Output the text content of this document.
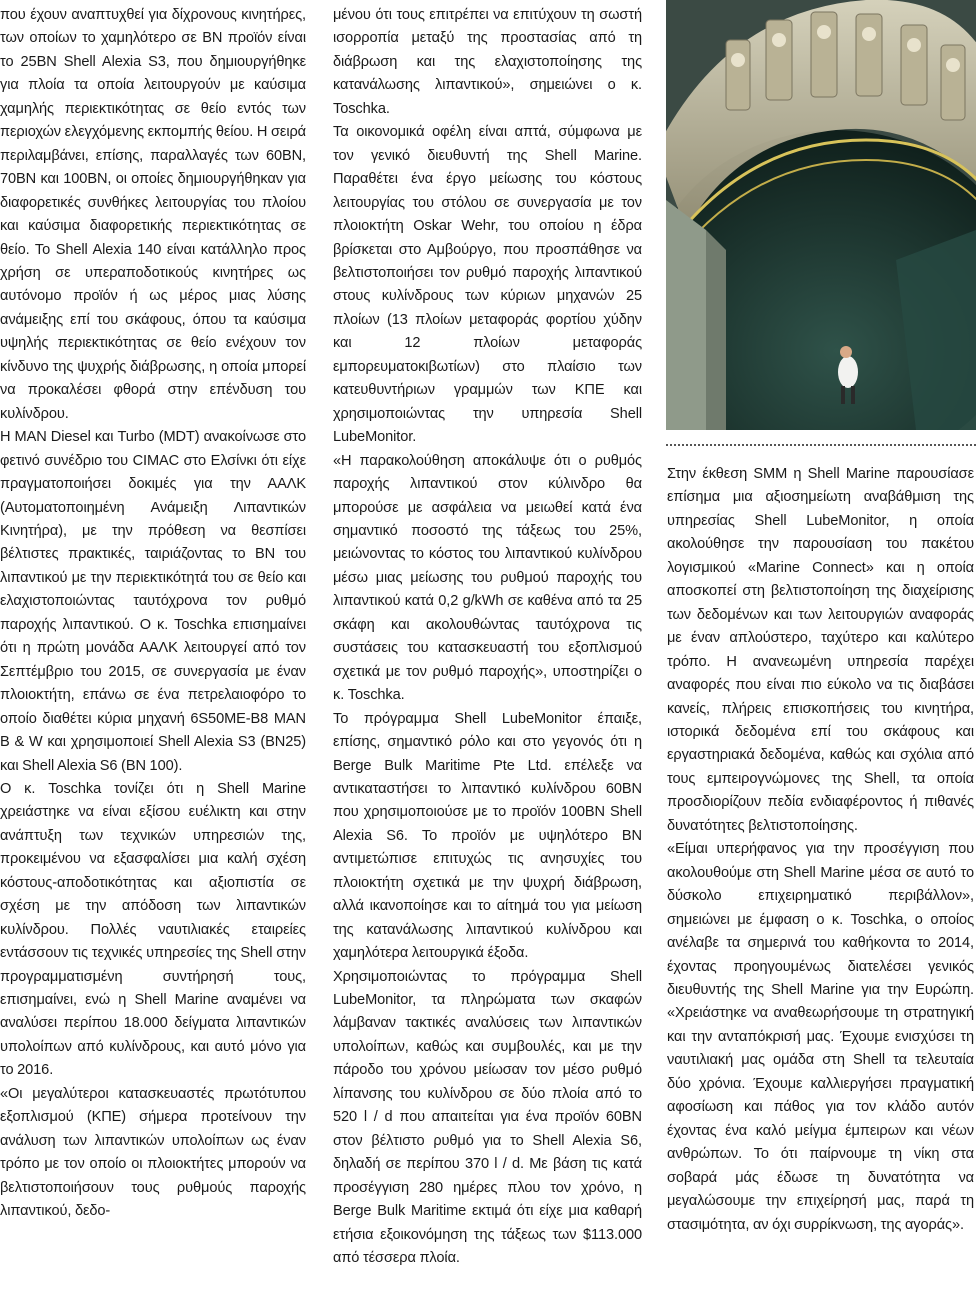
που έχουν αναπτυχθεί για δίχρονους κινητήρες, των οποίων το χαμηλότερο σε BN προϊόν είναι το 25BN Shell Alexia S3, που δημιουργήθηκε για πλοία τα οποία λειτουργούν με καύσιμα χαμηλής περιεκτικότητας σε θείο εντός των περιοχών ελεγχόμενης εκπομπής θείου. Η σειρά περιλαμβάνει, επίσης, παραλλαγές των 60BN, 70BN και 100BN, οι οποίες δημιουργήθηκαν για διαφορετικές συνθήκες λειτουργίας του πλοίου και καύσιμα διαφορετικής περιεκτικότητας σε θείο. Το Shell Alexia 140 είναι κατάλληλο προς χρήση σε υπεραποδοτικούς κινητήρες ως αυτόνομο προϊόν ή ως μέρος μιας λύσης ανάμειξης επί του σκάφους, όπου τα καύσιμα υψηλής περιεκτικότητας σε θείο ενέχουν τον κίνδυνο της ψυχρής διάβρωσης, η οποία μπορεί να προκαλέσει φθορά στην επένδυση του κυλίνδρου.

Η MAN Diesel και Turbo (MDT) ανακοίνωσε στο φετινό συνέδριο του CIMAC στο Ελσίνκι ότι είχε πραγματοποιήσει δοκιμές για την ΑΑΛΚ (Αυτοματοποιημένη Ανάμειξη Λιπαντικών Κινητήρα), με την πρόθεση να θεσπίσει βέλτιστες πρακτικές, ταιριάζοντας το BN του λιπαντικού με την περιεκτικότητά του σε θείο και ελαχιστοποιώντας ταυτόχρονα τον ρυθμό παροχής λιπαντικού. Ο κ. Toschka επισημαίνει ότι η πρώτη μονάδα ΑΑΛΚ λειτουργεί από τον Σεπτέμβριο του 2015, σε συνεργασία με έναν πλοιοκτήτη, επάνω σε ένα πετρελαιοφόρο το οποίο διαθέτει κύρια μηχανή 6S50ME-B8 MAN B & W και χρησιμοποιεί Shell Alexia S3 (BN25) και Shell Alexia S6 (BN 100).

Ο κ. Toschka τονίζει ότι η Shell Marine χρειάστηκε να είναι εξίσου ευέλικτη και στην ανάπτυξη των τεχνικών υπηρεσιών της, προκειμένου να εξασφαλίσει μια καλή σχέση κόστους-αποδοτικότητας και αξιοπιστία σε σχέση με την απόδοση των λιπαντικών κυλίνδρου. Πολλές ναυτιλιακές εταιρείες εντάσσουν τις τεχνικές υπηρεσίες της Shell στην προγραμματισμένη συντήρησή τους, επισημαίνει, ενώ η Shell Marine αναμένει να αναλύσει περίπου 18.000 δείγματα λιπαντικών υπολοίπων από κυλίνδρους, και αυτό μόνο για το 2016.

«Οι μεγαλύτεροι κατασκευαστές πρωτότυπου εξοπλισμού (ΚΠΕ) σήμερα προτείνουν την ανάλυση των λιπαντικών υπολοίπων ως έναν τρόπο με τον οποίο οι πλοιοκτήτες μπορούν να βελτιστοποιήσουν τους ρυθμούς παροχής λιπαντικού, δεδο-

μένου ότι τους επιτρέπει να επιτύχουν τη σωστή ισορροπία μεταξύ της προστασίας από τη διάβρωση και της ελαχιστοποίησης της κατανάλωσης λιπαντικού», σημειώνει ο κ. Toschka.

Τα οικονομικά οφέλη είναι απτά, σύμφωνα με τον γενικό διευθυντή της Shell Marine. Παραθέτει ένα έργο μείωσης του κόστους λειτουργίας του στόλου σε συνεργασία με τον πλοιοκτήτη Oskar Wehr, του οποίου η έδρα βρίσκεται στο Αμβούργο, που προσπάθησε να βελτιστοποιήσει τον ρυθμό παροχής λιπαντικού στους κυλίνδρους των κύριων μηχανών 25 πλοίων (13 πλοίων μεταφοράς φορτίου χύδην και 12 πλοίων μεταφοράς εμπορευματοκιβωτίων) στο πλαίσιο των κατευθυντήριων γραμμών των ΚΠΕ και χρησιμοποιώντας την υπηρεσία Shell LubeMonitor.

«Η παρακολούθηση αποκάλυψε ότι ο ρυθμός παροχής λιπαντικού στον κύλινδρο θα μπορούσε με ασφάλεια να μειωθεί κατά ένα σημαντικό ποσοστό της τάξεως του 25%, μειώνοντας το κόστος του λιπαντικού κυλίνδρου μέσω μιας μείωσης του ρυθμού παροχής του λιπαντικού κατά 0,2 g/kWh σε καθένα από τα 25 σκάφη και ακολουθώντας ταυτόχρονα τις συστάσεις του κατασκευαστή του εξοπλισμού σχετικά με τον ρυθμό παροχής», υποστηρίζει ο κ. Toschka.

Το πρόγραμμα Shell LubeMonitor έπαιξε, επίσης, σημαντικό ρόλο και στο γεγονός ότι η Berge Bulk Maritime Pte Ltd. επέλεξε να αντικαταστήσει το λιπαντικό κυλίνδρου 60BN που χρησιμοποιούσε με το προϊόν 100BN Shell Alexia S6. Το προϊόν με υψηλότερο BN αντιμετώπισε επιτυχώς τις ανησυχίες του πλοιοκτήτη σχετικά με την ψυχρή διάβρωση, αλλά ικανοποίησε και το αίτημά του για μείωση της κατανάλωσης λιπαντικού κυλίνδρου και χαμηλότερα λειτουργικά έξοδα.

Χρησιμοποιώντας το πρόγραμμα Shell LubeMonitor, τα πληρώματα των σκαφών λάμβαναν τακτικές αναλύσεις των λιπαντικών υπολοίπων, καθώς και συμβουλές, και με την πάροδο του χρόνου μείωσαν τον μέσο ρυθμό λίπανσης του κυλίνδρου σε δύο πλοία από το 520 l / d που απαιτείται για ένα προϊόν 60BN στον βέλτιστο ρυθμό για το Shell Alexia S6, δηλαδή σε περίπου 370 l / d. Με βάση τις κατά προσέγγιση 280 ημέρες πλου τον χρόνο, η Berge Bulk Maritime εκτιμά ότι είχε μια καθαρή ετήσια εξοικονόμηση της τάξεως των $113.000 από τέσσερα πλοία.

Στην έκθεση SMM η Shell Marine παρουσίασε επίσημα μια αξιοσημείωτη αναβάθμιση της υπηρεσίας Shell LubeMonitor, η οποία ακολούθησε την παρουσίαση του πακέτου λογισμικού «Marine Connect» και η οποία αποσκοπεί στη βελτιστοποίηση της διαχείρισης των δεδομένων και των λειτουργιών αναφοράς με έναν απλούστερο, ταχύτερο και καλύτερο τρόπο. Η ανανεωμένη υπηρεσία παρέχει αναφορές που είναι πιο εύκολο να τις διαβάσει κανείς, πλήρεις επισκοπήσεις του κινητήρα, ιστορικά δεδομένα επί του σκάφους και εργαστηριακά δεδομένα, καθώς και σχόλια από τους εμπειρογνώμονες της Shell, τα οποία προσδιορίζουν πεδία ενδιαφέροντος ή πιθανές δυνατότητες βελτιστοποίησης.

«Είμαι υπερήφανος για την προσέγγιση που ακολουθούμε στη Shell Marine μέσα σε αυτό το δύσκολο επιχειρηματικό περιβάλλον», σημειώνει με έμφαση ο κ. Toschka, ο οποίος ανέλαβε τα σημερινά του καθήκοντα το 2014, έχοντας προηγουμένως διατελέσει γενικός διευθυντής της Shell Marine για την Ευρώπη. «Χρειάστηκε να αναθεωρήσουμε τη στρατηγική και την ανταπόκρισή μας. Έχουμε ενισχύσει τη ναυτιλιακή μας ομάδα στη Shell τα τελευταία δύο χρόνια. Έχουμε καλλιεργήσει πραγματική αφοσίωση και πάθος για τον κλάδο αυτόν έχοντας ένα καλό μείγμα έμπειρων και νέων ανθρώπων. Το ότι παίρνουμε τη νίκη στα σοβαρά μάς έδωσε τη δυνατότητα να μεγαλώσουμε την επιχείρησή μας, παρά τη στασιμότητα, αν όχι συρρίκνωση, της αγοράς».
